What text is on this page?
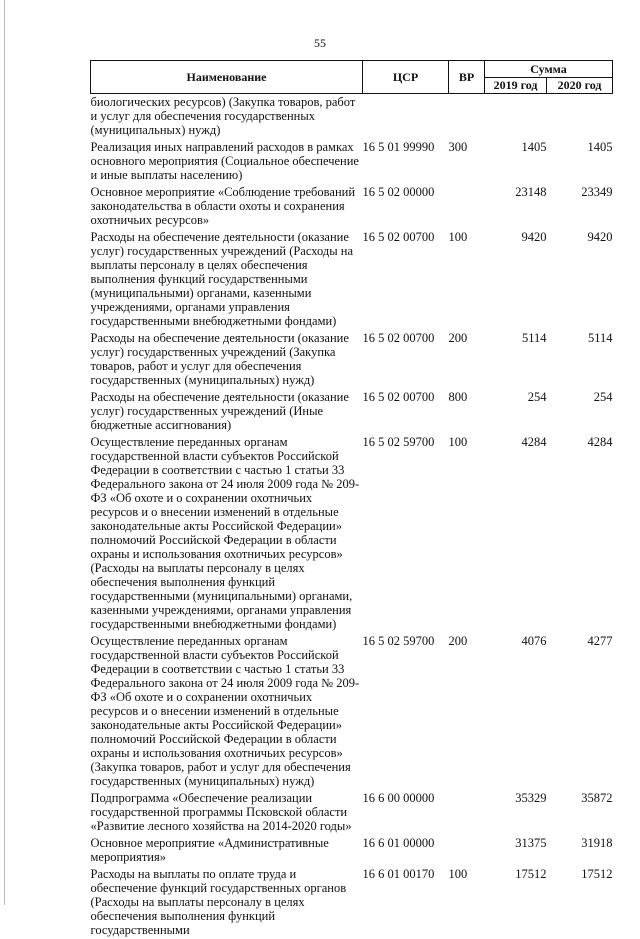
55
Наименование	ЦСР	ВР	Сумма	
			2019 год	2020 год
биологических ресурсов) (Закупка товаров, работ и услуг для обеспечения государственных (муниципальных) нужд)				
Реализация иных направлений расходов в рамках основного мероприятия (Социальное обеспечение и иные выплаты населению)	16 5 01 99990	300	1405	1405
Основное мероприятие «Соблюдение требований законодательства в области охоты и сохранения охотничьих ресурсов»	16 5 02 00000		23148	23349
Расходы на обеспечение деятельности (оказание услуг) государственных учреждений (Расходы на выплаты персоналу в целях обеспечения выполнения функций государственными (муниципальными) органами, казенными учреждениями, органами управления государственными внебюджетными фондами)	16 5 02 00700	100	9420	9420
Расходы на обеспечение деятельности (оказание услуг) государственных учреждений (Закупка товаров, работ и услуг для обеспечения государственных (муниципальных) нужд)	16 5 02 00700	200	5114	5114
Расходы на обеспечение деятельности (оказание услуг) государственных учреждений (Иные бюджетные ассигнования)	16 5 02 00700	800	254	254
Осуществление переданных органам государственной власти субъектов Российской Федерации в соответствии с частью 1 статьи 33 Федерального закона от 24 июля 2009 года № 209-ФЗ «Об охоте и о сохранении охотничьих ресурсов и о внесении изменений в отдельные законодательные акты Российской Федерации» полномочий Российской Федерации в области охраны и использования охотничьих ресурсов» (Расходы на выплаты персоналу в целях обеспечения выполнения функций государственными (муниципальными) органами, казенными учреждениями, органами управления государственными внебюджетными фондами)	16 5 02 59700	100	4284	4284
Осуществление переданных органам государственной власти субъектов Российской Федерации в соответствии с частью 1 статьи 33 Федерального закона от 24 июля 2009 года № 209-ФЗ «Об охоте и о сохранении охотничьих ресурсов и о внесении изменений в отдельные законодательные акты Российской Федерации» полномочий Российской Федерации в области охраны и использования охотничьих ресурсов» (Закупка товаров, работ и услуг для обеспечения государственных (муниципальных) нужд)	16 5 02 59700	200	4076	4277
Подпрограмма «Обеспечение реализации государственной программы Псковской области «Развитие лесного хозяйства на 2014-2020 годы»	16 6 00 00000		35329	35872
Основное мероприятие «Административные мероприятия»	16 6 01 00000		31375	31918
Расходы на выплаты по оплате труда и обеспечение функций государственных органов (Расходы на выплаты персоналу в целях обеспечения выполнения функций государственными	16 6 01 00170	100	17512	17512
